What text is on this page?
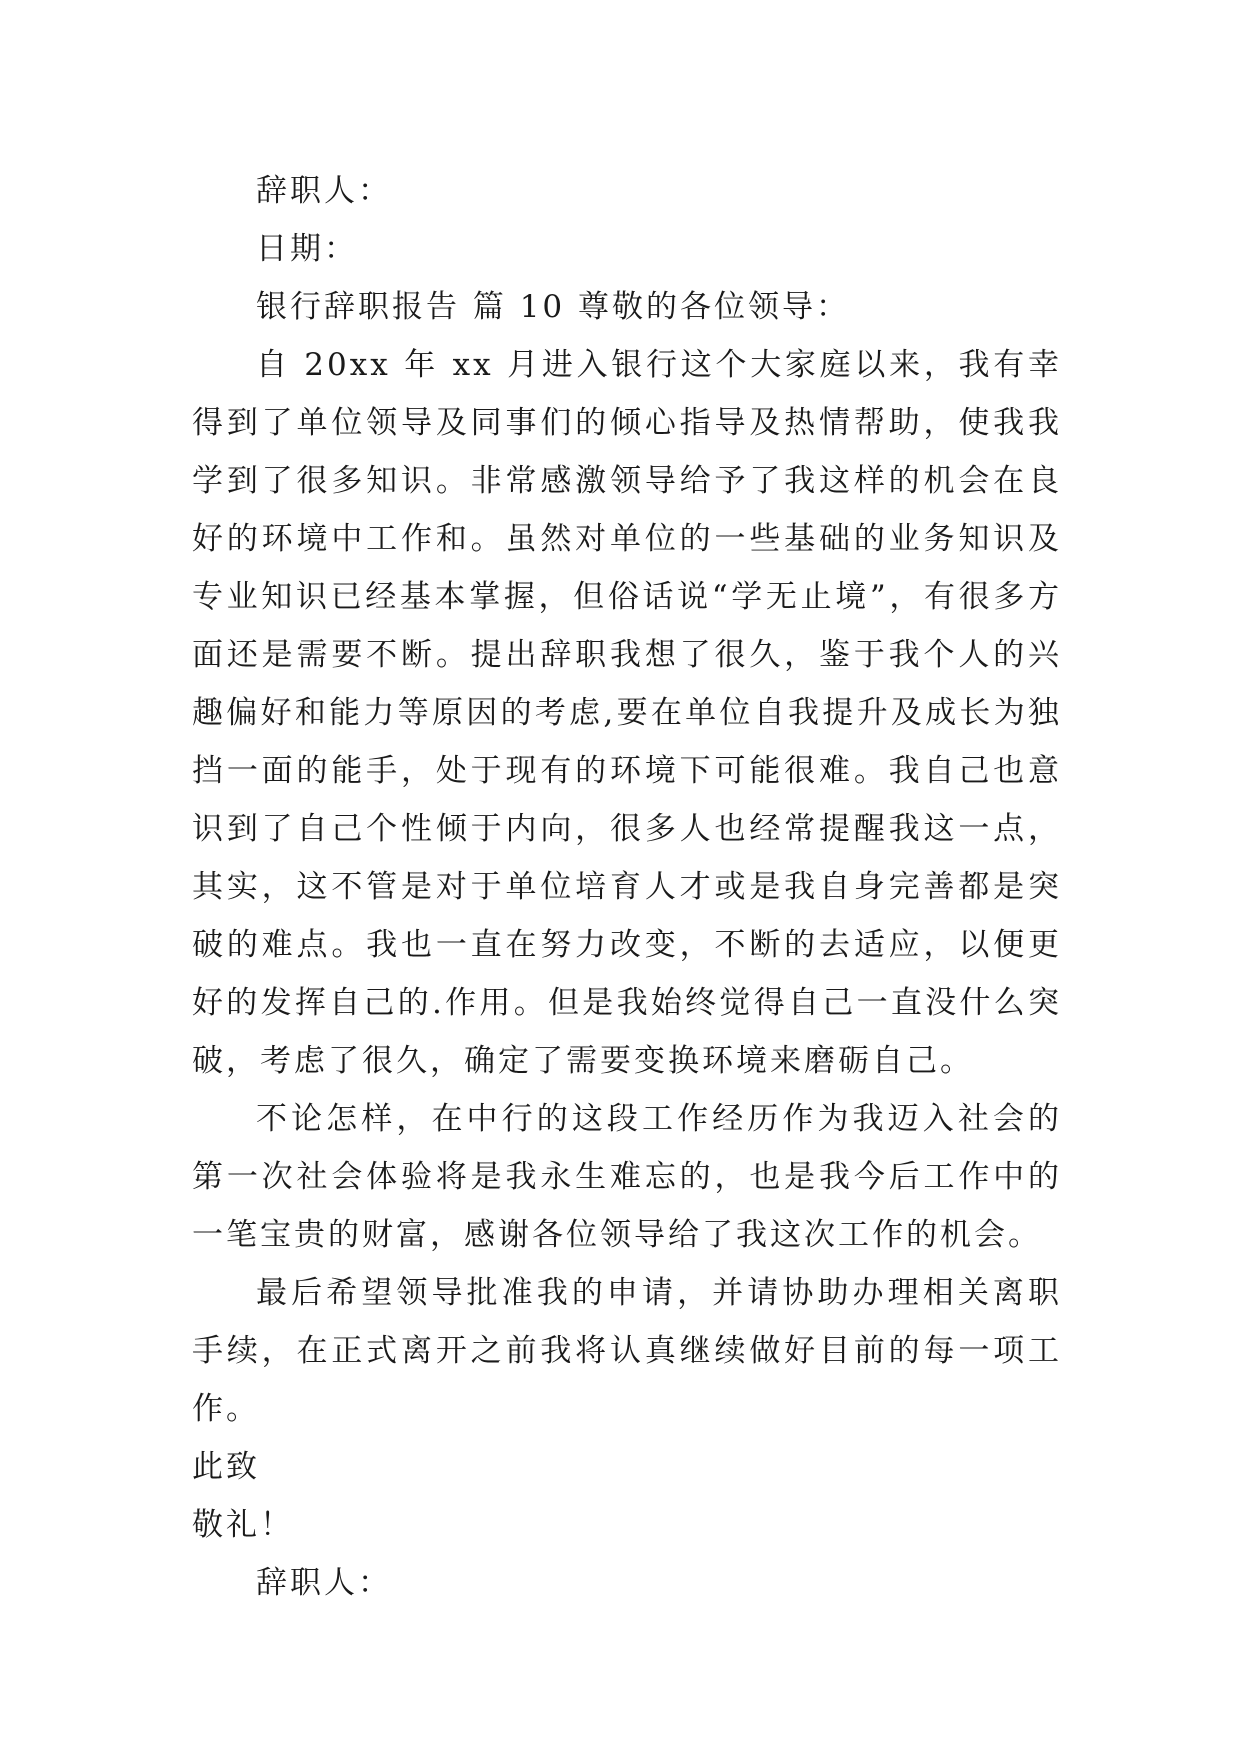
辞职人：
日期：
银行辞职报告 篇 10 尊敬的各位领导：

自 20xx 年 xx 月进入银行这个大家庭以来，我有幸得到了单位领导及同事们的倾心指导及热情帮助，使我我学到了很多知识。非常感激领导给予了我这样的机会在良好的环境中工作和。虽然对单位的一些基础的业务知识及专业知识已经基本掌握，但俗话说“学无止境”，有很多方面还是需要不断。提出辞职我想了很久，鉴于我个人的兴趣偏好和能力等原因的考虑,要在单位自我提升及成长为独挡一面的能手，处于现有的环境下可能很难。我自己也意识到了自己个性倾于内向，很多人也经常提醒我这一点，其实，这不管是对于单位培育人才或是我自身完善都是突破的难点。我也一直在努力改变，不断的去适应，以便更好的发挥自己的.作用。但是我始终觉得自己一直没什么突破，考虑了很久，确定了需要变换环境来磨砺自己。

不论怎样，在中行的这段工作经历作为我迈入社会的第一次社会体验将是我永生难忘的，也是我今后工作中的一笔宝贵的财富，感谢各位领导给了我这次工作的机会。

最后希望领导批准我的申请，并请协助办理相关离职手续，在正式离开之前我将认真继续做好目前的每一项工作。

此致
敬礼！
辞职人：
